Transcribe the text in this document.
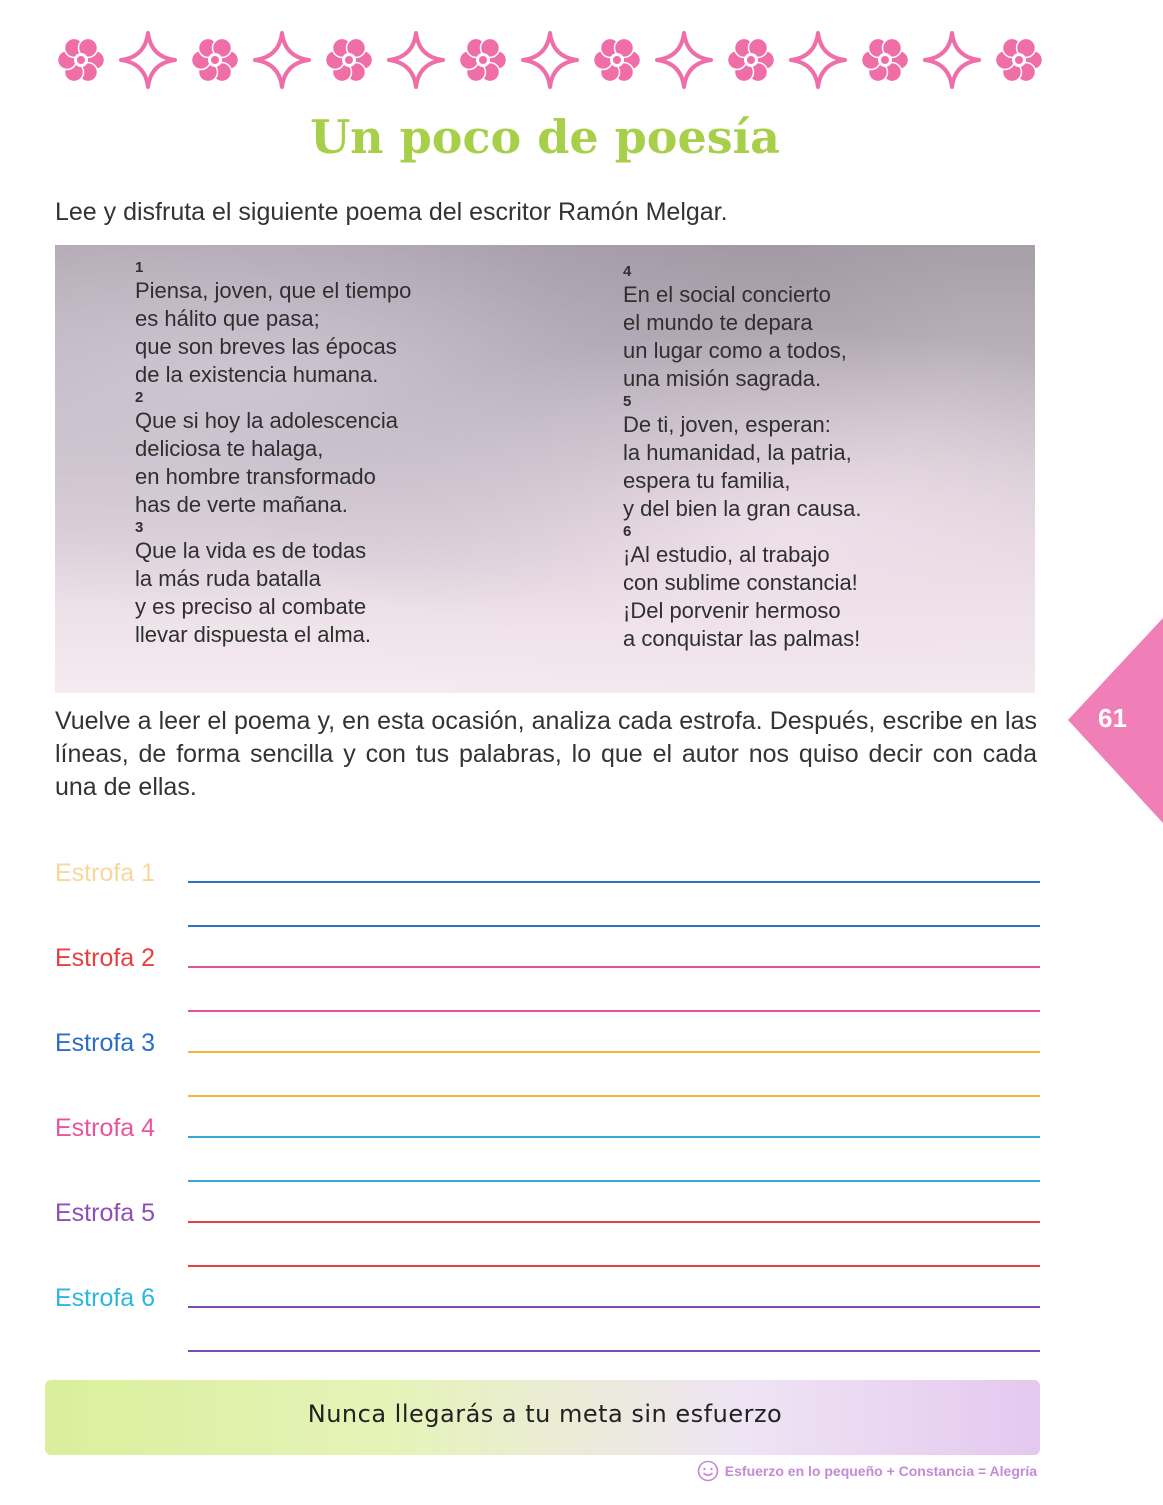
Un poco de poesía

Lee y disfruta el siguiente poema del escritor Ramón Melgar.

1
Piensa, joven, que el tiempo
es hálito que pasa;
que son breves las épocas
de la existencia humana.
2
Que si hoy la adolescencia
deliciosa te halaga,
en hombre transformado
has de verte mañana.
3
Que la vida es de todas
la más ruda batalla
y es preciso al combate
llevar dispuesta el alma.
4
En el social concierto
el mundo te depara
un lugar como a todos,
una misión sagrada.
5
De ti, joven, esperan:
la humanidad, la patria,
espera tu familia,
y del bien la gran causa.
6
¡Al estudio, al trabajo
con sublime constancia!
¡Del porvenir hermoso
a conquistar las palmas!

Vuelve a leer el poema y, en esta ocasión, analiza cada estrofa. Después, escribe en las líneas, de forma sencilla y con tus palabras, lo que el autor nos quiso decir con cada una de ellas.

61
Estrofa 1
Estrofa 2
Estrofa 3
Estrofa 4
Estrofa 5
Estrofa 6
Nunca llegarás a tu meta sin esfuerzo
Esfuerzo en lo pequeño + Constancia = Alegría
